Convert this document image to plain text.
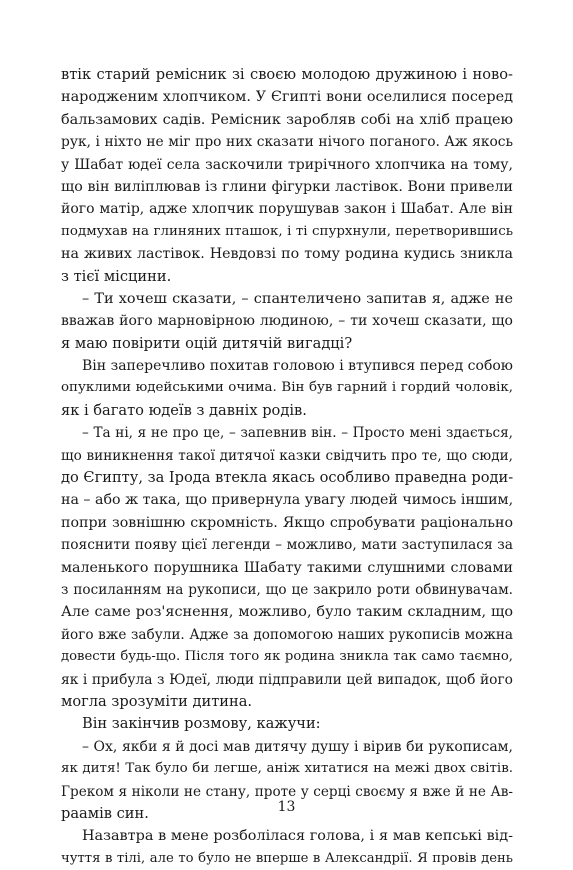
втік старий ремісник зі своєю молодою дружиною і ново-
народженим хлопчиком. У Єгипті вони оселилися посеред
бальзамових садів. Ремісник заробляв собі на хліб працею
рук, і ніхто не міг про них сказати нічого поганого. Аж якось
у Шабат юдеї села заскочили трирічного хлопчика на тому,
що він виліплював із глини фігурки ластівок. Вони привели
його матір, адже хлопчик порушував закон і Шабат. Але він
подмухав на глиняних пташок, і ті спурхнули, перетворившись
на живих ластівок. Невдовзі по тому родина кудись зникла
з тієї місцини.
– Ти хочеш сказати, – спантеличено запитав я, адже не
вважав його марновірною людиною, – ти хочеш сказати, що
я маю повірити оцій дитячій вигадці?
Він заперечливо похитав головою і втупився перед собою
опуклими юдейськими очима. Він був гарний і гордий чоловік,
як і багато юдеїв з давніх родів.
– Та ні, я не про це, – запевнив він. – Просто мені здається,
що виникнення такої дитячої казки свідчить про те, що сюди,
до Єгипту, за Ірода втекла якась особливо праведна роди-
на – або ж така, що привернула увагу людей чимось іншим,
попри зовнішню скромність. Якщо спробувати раціонально
пояснити появу цієї легенди – можливо, мати заступилася за
маленького порушника Шабату такими слушними словами
з посиланням на рукописи, що це закрило роти обвинувачам.
Але саме роз'яснення, можливо, було таким складним, що
його вже забули. Адже за допомогою наших рукописів можна
довести будь-що. Після того як родина зникла так само таємно,
як і прибула з Юдеї, люди підправили цей випадок, щоб його
могла зрозуміти дитина.
Він закінчив розмову, кажучи:
– Ох, якби я й досі мав дитячу душу і вірив би рукописам,
як дитя! Так було би легше, аніж хитатися на межі двох світів.
Греком я ніколи не стану, проте у серці своєму я вже й не Ав-
раамів син.
Назавтра в мене розболілася голова, і я мав кепські від-
чуття в тілі, але то було не вперше в Александрії. Я провів день
13
